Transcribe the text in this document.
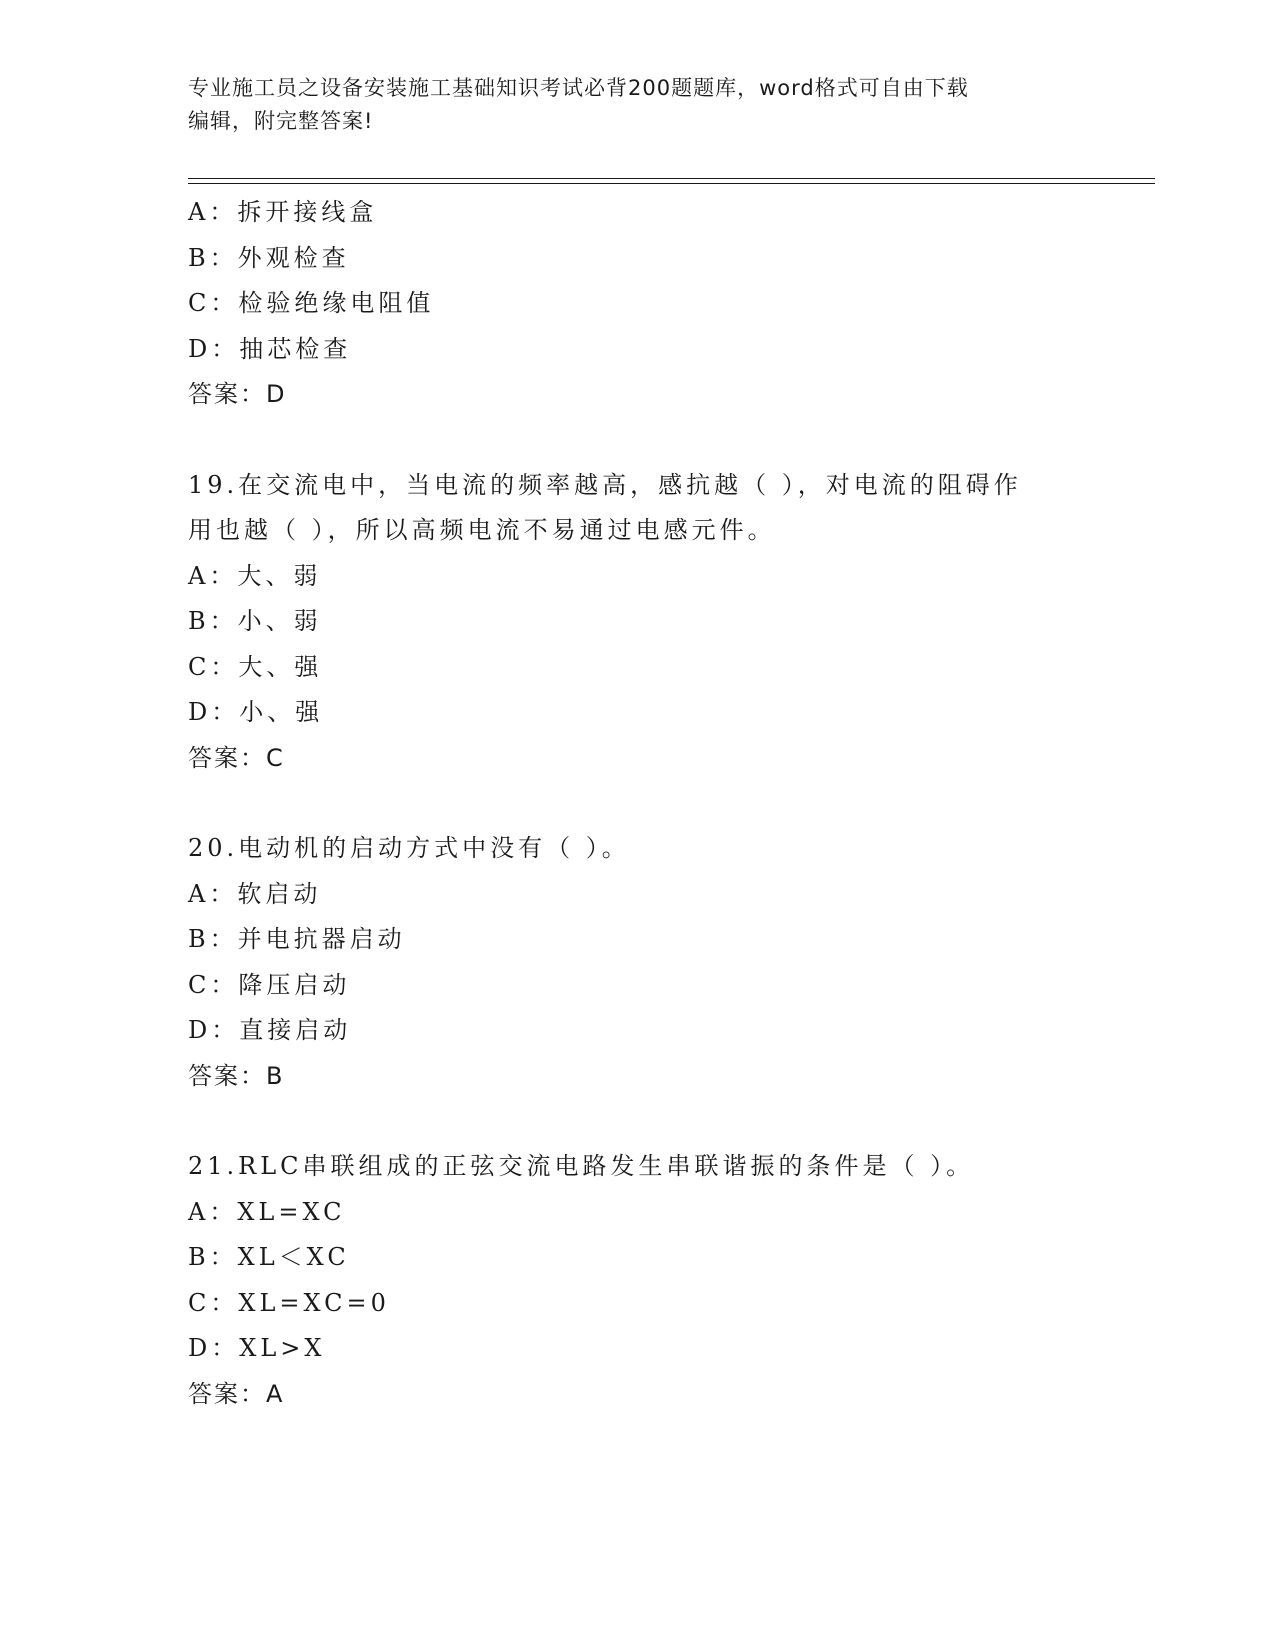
专业施工员之设备安装施工基础知识考试必背200题题库，word格式可自由下载
编辑，附完整答案!
A：拆开接线盒
B：外观检查
C：检验绝缘电阻值
D：抽芯检查
答案：D
19.在交流电中，当电流的频率越高，感抗越（ ），对电流的阻碍作
用也越（ ），所以高频电流不易通过电感元件。
A：大、弱
B：小、弱
C：大、强
D：小、强
答案：C
20.电动机的启动方式中没有（ ）。
A：软启动
B：并电抗器启动
C：降压启动
D：直接启动
答案：B
21.RLC串联组成的正弦交流电路发生串联谐振的条件是（ ）。
A：XL=XC
B：XL＜XC
C：XL=XC=0
D：XL>X
答案：A
